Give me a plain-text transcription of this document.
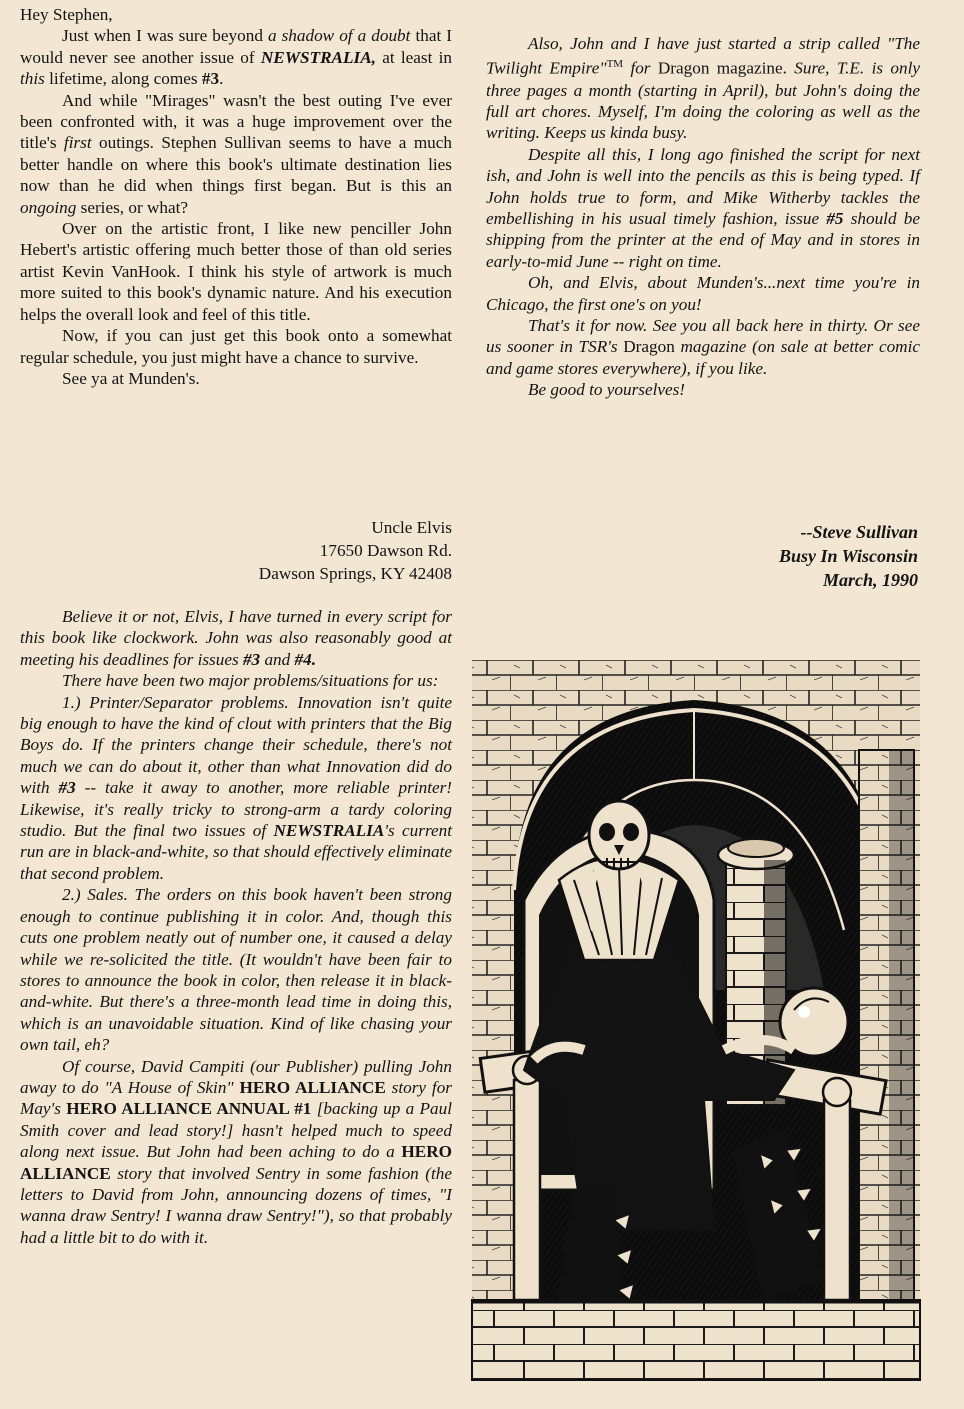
Hey Stephen,

Just when I was sure beyond a shadow of a doubt that I would never see another issue of NEWSTRALIA, at least in this lifetime, along comes #3.

And while "Mirages" wasn't the best outing I've ever been confronted with, it was a huge improvement over the title's first outings. Stephen Sullivan seems to have a much better handle on where this book's ultimate destination lies now than he did when things first began. But is this an ongoing series, or what?

Over on the artistic front, I like new penciller John Hebert's artistic offering much better those of than old series artist Kevin VanHook. I think his style of artwork is much more suited to this book's dynamic nature. And his execution helps the overall look and feel of this title.

Now, if you can just get this book onto a somewhat regular schedule, you just might have a chance to survive.

See ya at Munden's.

Uncle Elvis
17650 Dawson Rd.
Dawson Springs, KY 42408

Also, John and I have just started a strip called "The Twilight Empire"™ for Dragon magazine. Sure, T.E. is only three pages a month (starting in April), but John's doing the full art chores. Myself, I'm doing the coloring as well as the writing. Keeps us kinda busy.

Despite all this, I long ago finished the script for next ish, and John is well into the pencils as this is being typed. If John holds true to form, and Mike Witherby tackles the embellishing in his usual timely fashion, issue #5 should be shipping from the printer at the end of May and in stores in early-to-mid June -- right on time.

Oh, and Elvis, about Munden's...next time you're in Chicago, the first one's on you!

That's it for now. See you all back here in thirty. Or see us sooner in TSR's Dragon magazine (on sale at better comic and game stores everywhere), if you like.

Be good to yourselves!

--Steve Sullivan
Busy In Wisconsin
March, 1990

Believe it or not, Elvis, I have turned in every script for this book like clockwork. John was also reasonably good at meeting his deadlines for issues #3 and #4.

There have been two major problems/situations for us:

1.) Printer/Separator problems. Innovation isn't quite big enough to have the kind of clout with printers that the Big Boys do. If the printers change their schedule, there's not much we can do about it, other than what Innovation did do with #3 -- take it away to another, more reliable printer! Likewise, it's really tricky to strong-arm a tardy coloring studio. But the final two issues of NEWSTRALIA's current run are in black-and-white, so that should effectively eliminate that second problem.

2.) Sales. The orders on this book haven't been strong enough to continue publishing it in color. And, though this cuts one problem neatly out of number one, it caused a delay while we re-solicited the title. (It wouldn't have been fair to stores to announce the book in color, then release it in black-and-white. But there's a three-month lead time in doing this, which is an unavoidable situation. Kind of like chasing your own tail, eh?

Of course, David Campiti (our Publisher) pulling John away to do "A House of Skin" HERO ALLIANCE story for May's HERO ALLIANCE ANNUAL #1 [backing up a Paul Smith cover and lead story!] hasn't helped much to speed along next issue. But John had been aching to do a HERO ALLIANCE story that involved Sentry in some fashion (the letters to David from John, announcing dozens of times, "I wanna draw Sentry! I wanna draw Sentry!"), so that probably had a little bit to do with it.
